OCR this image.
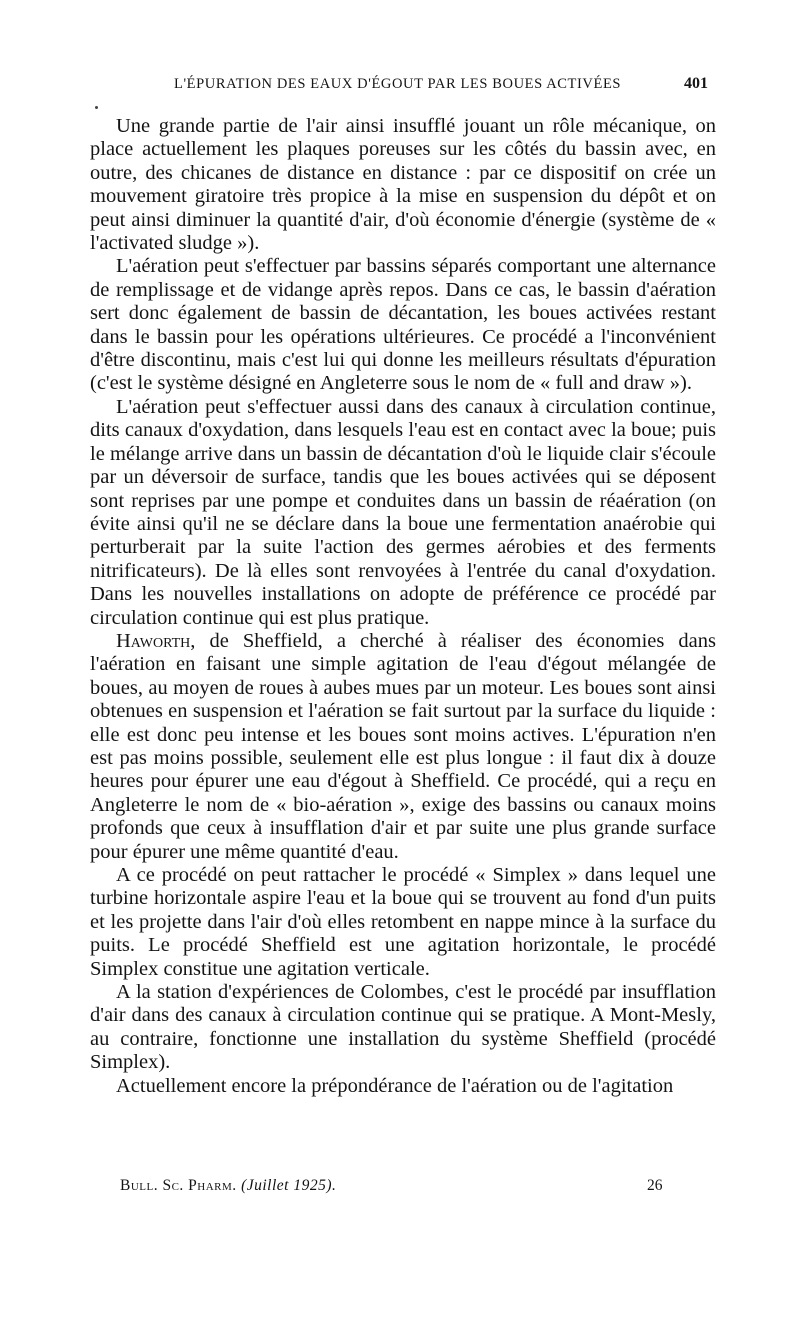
L'ÉPURATION DES EAUX D'ÉGOUT PAR LES BOUES ACTIVÉES	401

Une grande partie de l'air ainsi insufflé jouant un rôle mécanique, on place actuellement les plaques poreuses sur les côtés du bassin avec, en outre, des chicanes de distance en distance : par ce dispositif on crée un mouvement giratoire très propice à la mise en suspension du dépôt et on peut ainsi diminuer la quantité d'air, d'où économie d'énergie (système de « l'activated sludge »).

L'aération peut s'effectuer par bassins séparés comportant une alternance de remplissage et de vidange après repos. Dans ce cas, le bassin d'aération sert donc également de bassin de décantation, les boues activées restant dans le bassin pour les opérations ultérieures. Ce procédé a l'inconvénient d'être discontinu, mais c'est lui qui donne les meilleurs résultats d'épuration (c'est le système désigné en Angleterre sous le nom de « full and draw »).

L'aération peut s'effectuer aussi dans des canaux à circulation continue, dits canaux d'oxydation, dans lesquels l'eau est en contact avec la boue; puis le mélange arrive dans un bassin de décantation d'où le liquide clair s'écoule par un déversoir de surface, tandis que les boues activées qui se déposent sont reprises par une pompe et conduites dans un bassin de réaération (on évite ainsi qu'il ne se déclare dans la boue une fermentation anaérobie qui perturberait par la suite l'action des germes aérobies et des ferments nitrificateurs). De là elles sont renvoyées à l'entrée du canal d'oxydation. Dans les nouvelles installations on adopte de préférence ce procédé par circulation continue qui est plus pratique.

Haworth, de Sheffield, a cherché à réaliser des économies dans l'aération en faisant une simple agitation de l'eau d'égout mélangée de boues, au moyen de roues à aubes mues par un moteur. Les boues sont ainsi obtenues en suspension et l'aération se fait surtout par la surface du liquide : elle est donc peu intense et les boues sont moins actives. L'épuration n'en est pas moins possible, seulement elle est plus longue : il faut dix à douze heures pour épurer une eau d'égout à Sheffield. Ce procédé, qui a reçu en Angleterre le nom de « bio-aération », exige des bassins ou canaux moins profonds que ceux à insufflation d'air et par suite une plus grande surface pour épurer une même quantité d'eau.

A ce procédé on peut rattacher le procédé « Simplex » dans lequel une turbine horizontale aspire l'eau et la boue qui se trouvent au fond d'un puits et les projette dans l'air d'où elles retombent en nappe mince à la surface du puits. Le procédé Sheffield est une agitation horizontale, le procédé Simplex constitue une agitation verticale.

A la station d'expériences de Colombes, c'est le procédé par insufflation d'air dans des canaux à circulation continue qui se pratique. A Mont-Mesly, au contraire, fonctionne une installation du système Sheffield (procédé Simplex).

Actuellement encore la prépondérance de l'aération ou de l'agitation

Bull. Sc. Pharm. (Juillet 1925).	26
